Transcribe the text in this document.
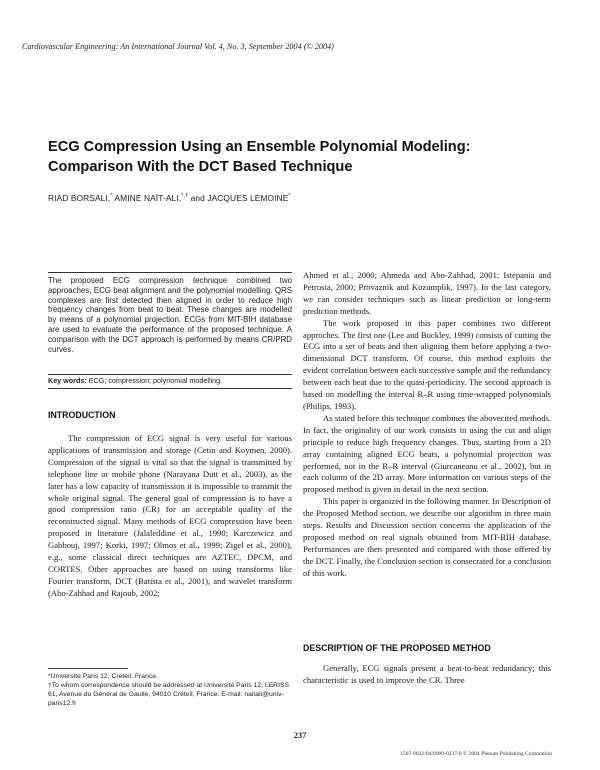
Cardiovascular Engineering: An International Journal Vol. 4, No. 3, September 2004 (© 2004)
ECG Compression Using an Ensemble Polynomial Modeling:
Comparison With the DCT Based Technique
RIAD BORSALI,* AMINE NAÏT-ALI,*,† and JACQUES LEMOINE*
The proposed ECG compression technique combined two approaches, ECG beat alignment and the polynomial modelling. QRS complexes are first detected then aligned in order to reduce high frequency changes from beat to beat. These changes are modelled by means of a polynomial projection. ECGs from MIT-BIH database are used to evaluate the performance of the proposed technique. A comparison with the DCT approach is performed by means CR/PRD curves.
Key words: ECG; compression; polynomial modelling.
INTRODUCTION

The compression of ECG signal is very useful for various applications of transmission and storage (Cetin and Koymen, 2000). Compression of the signal is vital so that the signal is transmitted by telephone line or mobile phone (Narayana Dutt et al., 2003), as the later has a low capacity of transmission it is impossible to transmit the whole original signal. The general goal of compression is to have a good compression ratio (CR) for an acceptable quality of the reconstructed signal. Many methods of ECG compression have been proposed in literature (Jalaleddine et al., 1990; Karczewicz and Gabbouj, 1997; Korki, 1997; Olmos et al., 1999; Zigel et al., 2000), e.g., some classical direct techniques are AZTEC, DPCM, and CORTES. Other approaches are based on using transforms like Fourier transform, DCT (Batista et al., 2001), and wavelet transform (Abo-Zahhad and Rajoub, 2002;

*Universite Paris 12, Creteil, France.

†To whom correspondence should be addressed at Université Paris 12, LERISS 61, Avenue du Général de Gaulle, 94010 Créteil, France. E-mail: naitali@univ-paris12.fr

Ahmed et al., 2000; Ahmeda and Abo-Zahhad, 2001; Istepania and Petrosia, 2000; Provaznik and Kozumplik, 1997). In the last category, we can consider techniques such as linear prediction or long-term prediction methods.

The work proposed in this paper combines two different approches. The first one (Lee and Buckley, 1999) consists of cutting the ECG into a set of beats and then aligning them before applying a two-dimensional DCT transform. Of course, this method exploits the evident correlation between each successive sample and the redundancy between each beat due to the quasi-periodicity. The second approach is based on modelling the interval R–R using time-wrapped polynomials (Philips, 1993).

As stated before this technique combines the abovecited methods. In fact, the originality of our work consists in using the cut and align principle to reduce high frequency changes. Thus, starting from a 2D array containing aligned ECG beats, a polynomial projection was performed, not in the R–R interval (Giurcaneanu et al., 2002), but in each column of the 2D array. More information on various steps of the proposed method is given in detail in the next section.

This paper is organized in the following manner. In Description of the Proposed Method section, we describe our algorithm in three main steps. Results and Discussion section concerns the application of the proposed method on real signals obtained from MIT-BIH database. Performances are then presented and compared with those offered by the DCT. Finally, the Conclusion section is consecrated for a conclusion of this work.

DESCRIPTION OF THE PROPOSED METHOD

Generally, ECG signals present a beat-to-beat redundancy; this characteristic is used to improve the CR. Three

237
1567-8822/04/0900-0237/0 © 2004 Plenum Publishing Corporation
